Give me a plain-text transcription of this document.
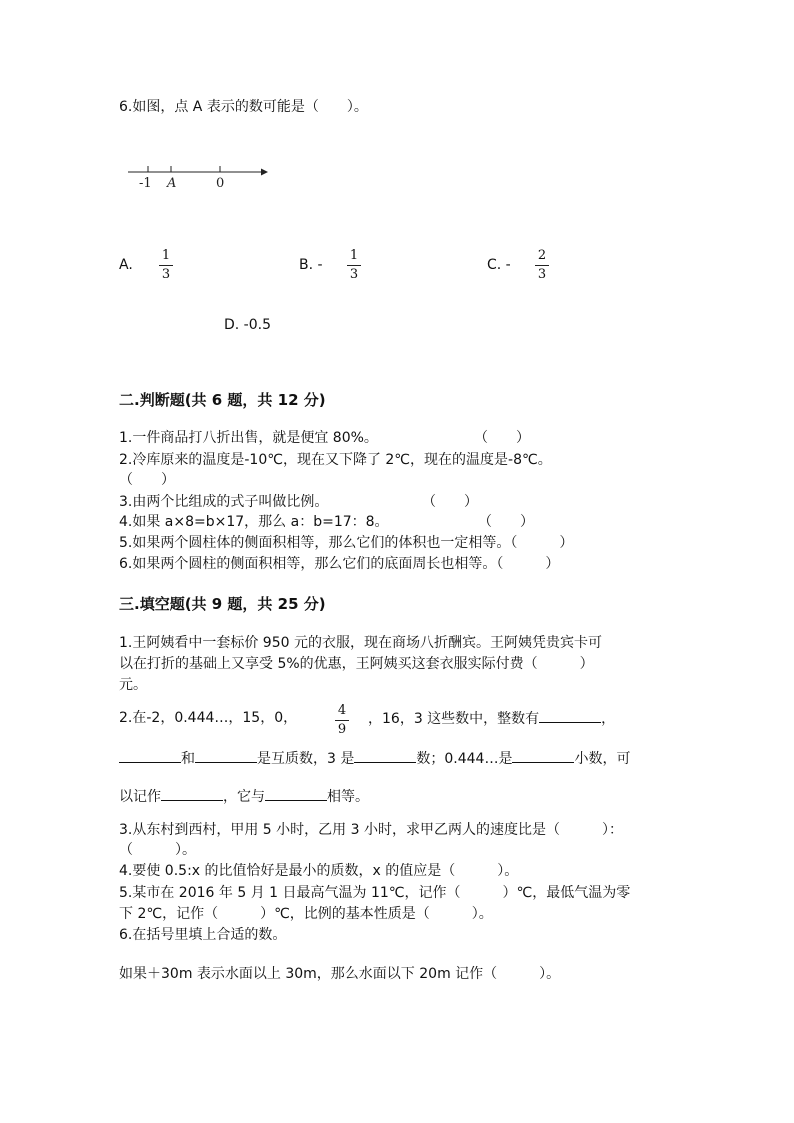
6.如图，点 A 表示的数可能是（　　）。
-1 A	0
A.
1
3
B. -
1
3
C. -
2
3
D. -0.5
二.判断题(共 6 题，共 12 分)
1.一件商品打八折出售，就是便宜 80%。	（　　）
2.冷库原来的温度是-10℃，现在又下降了 2℃，现在的温度是-8℃。
（　　）
3.由两个比组成的式子叫做比例。	（　　）
4.如果 a×8=b×17，那么 a：b=17：8。	（　　）
5.如果两个圆柱体的侧面积相等，那么它们的体积也一定相等。（　　　）
6.如果两个圆柱的侧面积相等，那么它们的底面周长也相等。（　　　）
三.填空题(共 9 题，共 25 分)
1.王阿姨看中一套标价 950 元的衣服，现在商场八折酬宾。王阿姨凭贵宾卡可
以在打折的基础上又享受 5%的优惠，王阿姨买这套衣服实际付费（　　　）
元。
2.在-2，0.444…，15，0，	4
9
，16，3 这些数中，整数有	，
和	是互质数，3 是	数；0.444…是	小数，可
以记作	，它与	相等。
3.从东村到西村，甲用 5 小时，乙用 3 小时，求甲乙两人的速度比是（　　　）：
（　　　）。
4.要使 0.5:x 的比值恰好是最小的质数，x 的值应是（　　　）。
5.某市在 2016 年 5 月 1 日最高气温为 11℃，记作（　　　）℃，最低气温为零
下 2℃，记作（　　　）℃，比例的基本性质是（　　　）。
6.在括号里填上合适的数。
如果＋30m 表示水面以上 30m，那么水面以下 20m 记作（　　　）。
